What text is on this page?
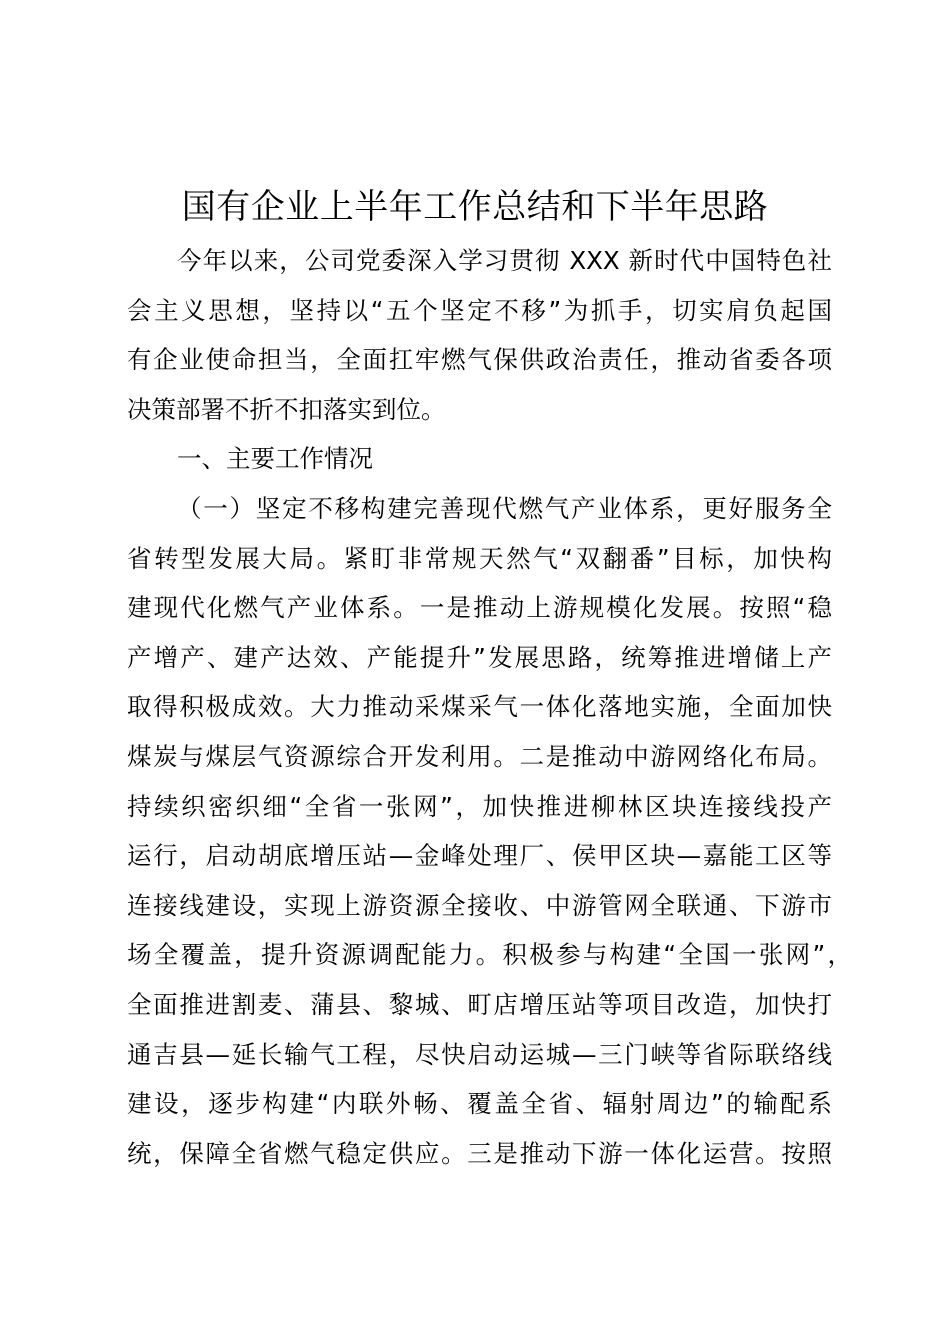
国有企业上半年工作总结和下半年思路
今年以来，公司党委深入学习贯彻 XXX 新时代中国特色社
会主义思想，坚持以“五个坚定不移”为抓手，切实肩负起国
有企业使命担当，全面扛牢燃气保供政治责任，推动省委各项
决策部署不折不扣落实到位。
一、主要工作情况
（一）坚定不移构建完善现代燃气产业体系，更好服务全
省转型发展大局。紧盯非常规天然气“双翻番”目标，加快构
建现代化燃气产业体系。一是推动上游规模化发展。按照“稳
产增产、建产达效、产能提升”发展思路，统筹推进增储上产
取得积极成效。大力推动采煤采气一体化落地实施，全面加快
煤炭与煤层气资源综合开发利用。二是推动中游网络化布局。
持续织密织细“全省一张网”，加快推进柳林区块连接线投产
运行，启动胡底增压站—金峰处理厂、侯甲区块—嘉能工区等
连接线建设，实现上游资源全接收、中游管网全联通、下游市
场全覆盖，提升资源调配能力。积极参与构建“全国一张网”，
全面推进割麦、蒲县、黎城、町店增压站等项目改造，加快打
通吉县—延长输气工程，尽快启动运城—三门峡等省际联络线
建设，逐步构建“内联外畅、覆盖全省、辐射周边”的输配系
统，保障全省燃气稳定供应。三是推动下游一体化运营。按照
